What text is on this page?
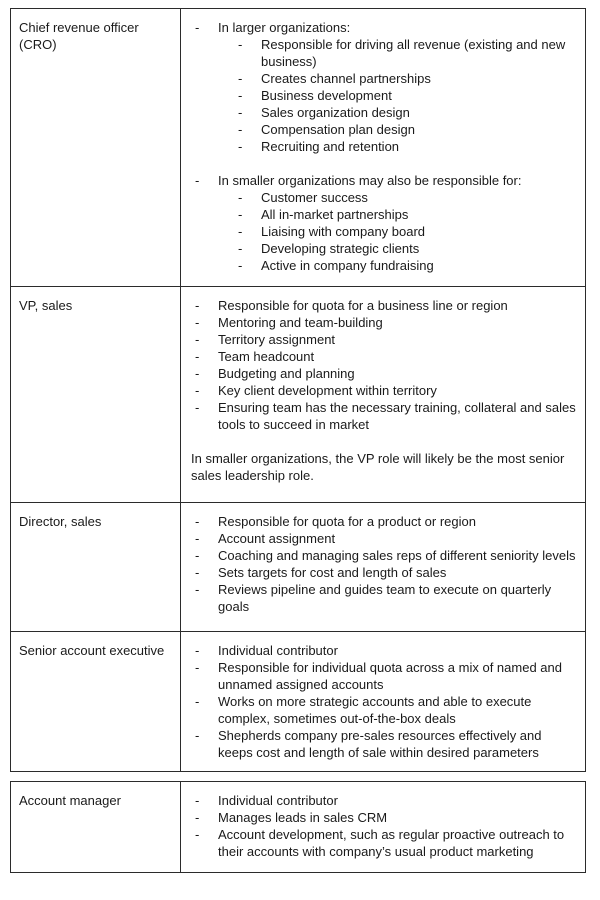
Chief revenue officer (CRO)
-	In larger organizations:
-	Responsible for driving all revenue (existing and new business)
-	Creates channel partnerships
-	Business development
-	Sales organization design
-	Compensation plan design
-	Recruiting and retention
-	In smaller organizations may also be responsible for:
-	Customer success
-	All in-market partnerships
-	Liaising with company board
-	Developing strategic clients
-	Active in company fundraising
VP, sales	-	Responsible for quota for a business line or region
-	Mentoring and team-building
-	Territory assignment
-	Team headcount
-	Budgeting and planning
-	Key client development within territory
-	Ensuring team has the necessary training, collateral and sales tools to succeed in market
In smaller organizations, the VP role will likely be the most senior sales leadership role.
Director, sales	-	Responsible for quota for a product or region
-	Account assignment
-	Coaching and managing sales reps of different seniority levels
-	Sets targets for cost and length of sales
-	Reviews pipeline and guides team to execute on quarterly goals
Senior account executive	-	Individual contributor
-	Responsible for individual quota across a mix of named and unnamed assigned accounts
-	Works on more strategic accounts and able to execute complex, sometimes out-of-the-box deals
-	Shepherds company pre-sales resources effectively and keeps cost and length of sale within desired parameters
Account manager	-	Individual contributor
-	Manages leads in sales CRM
-	Account development, such as regular proactive outreach to their accounts with company’s usual product marketing
